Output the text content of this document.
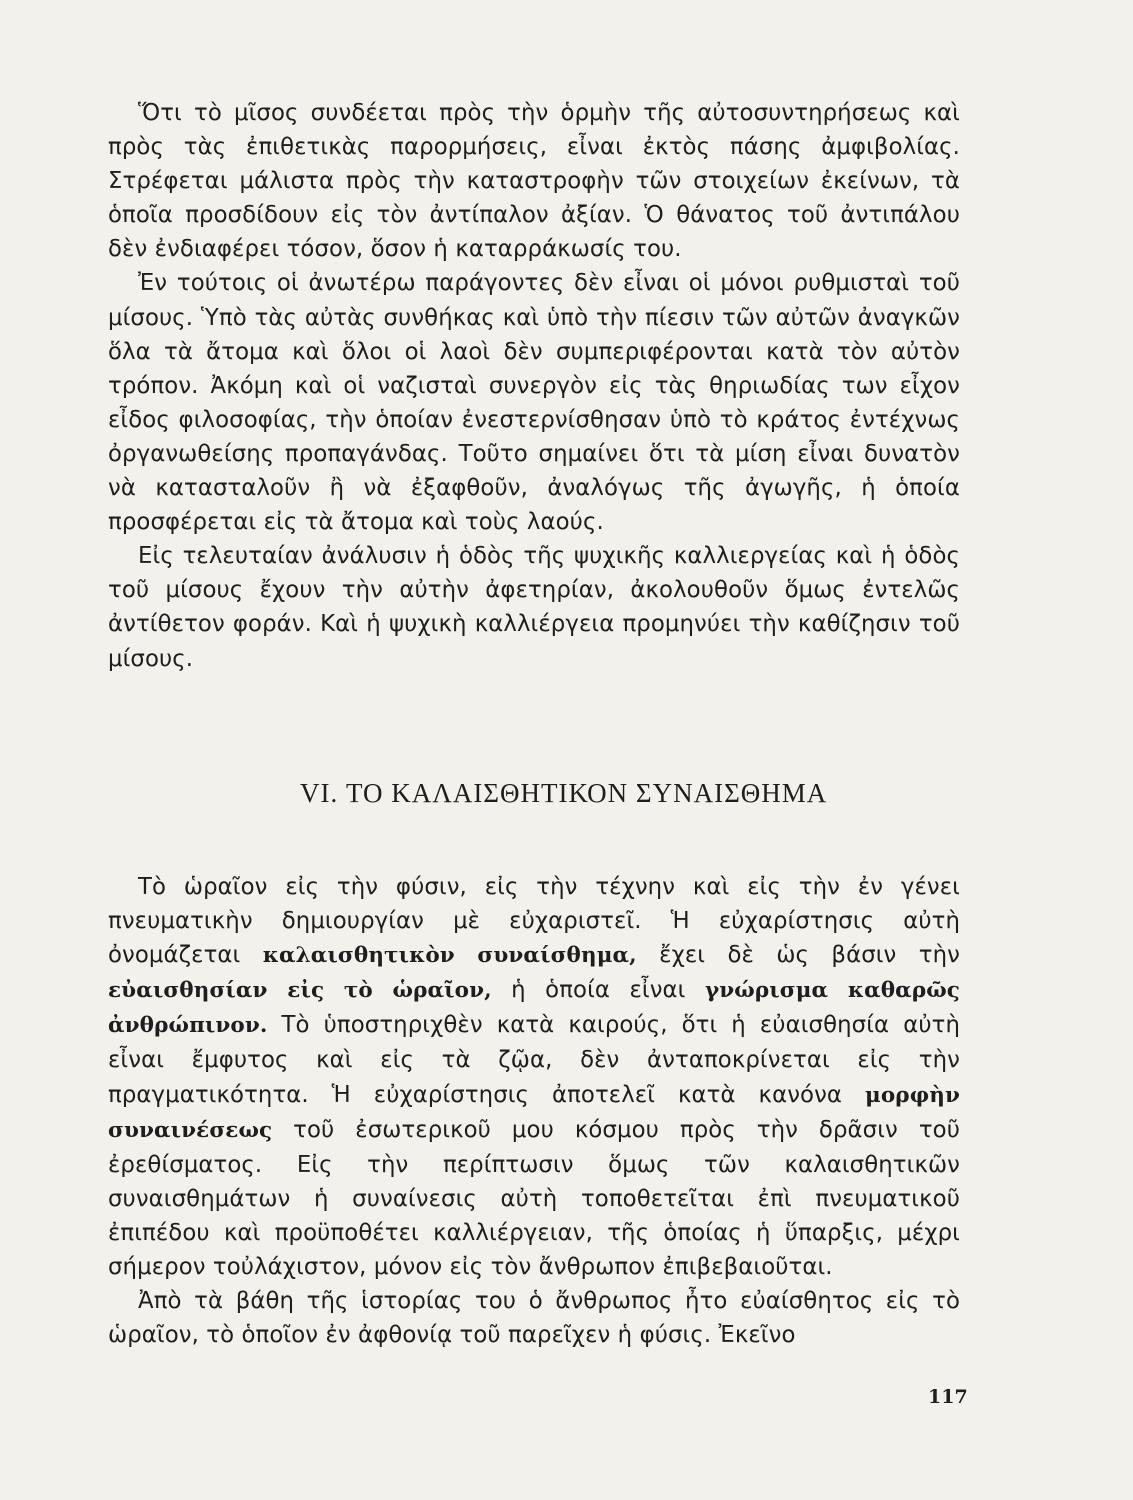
Ὅτι τὸ μῖσος συνδέεται πρὸς τὴν ὁρμὴν τῆς αὐτοσυντηρήσεως καὶ πρὸς τὰς ἐπιθετικὰς παρορμήσεις, εἶναι ἐκτὸς πάσης ἀμφιβολίας. Στρέφεται μάλιστα πρὸς τὴν καταστροφὴν τῶν στοιχείων ἐκείνων, τὰ ὁποῖα προσδίδουν εἰς τὸν ἀντίπαλον ἀξίαν. Ὁ θάνατος τοῦ ἀντιπάλου δὲν ἐνδιαφέρει τόσον, ὅσον ἡ καταρράκωσίς του.

Ἐν τούτοις οἱ ἀνωτέρω παράγοντες δὲν εἶναι οἱ μόνοι ρυθμισταὶ τοῦ μίσους. Ὑπὸ τὰς αὐτὰς συνθήκας καὶ ὑπὸ τὴν πίεσιν τῶν αὐτῶν ἀναγκῶν ὅλα τὰ ἄτομα καὶ ὅλοι οἱ λαοὶ δὲν συμπεριφέρονται κατὰ τὸν αὐτὸν τρόπον. Ἀκόμη καὶ οἱ ναζισταὶ συνεργὸν εἰς τὰς θηριωδίας των εἶχον εἶδος φιλοσοφίας, τὴν ὁποίαν ἐνεστερνίσθησαν ὑπὸ τὸ κράτος ἐντέχνως ὀργανωθείσης προπαγάνδας. Τοῦτο σημαίνει ὅτι τὰ μίση εἶναι δυνατὸν νὰ κατασταλοῦν ἢ νὰ ἐξαφθοῦν, ἀναλόγως τῆς ἀγωγῆς, ἡ ὁποία προσφέρεται εἰς τὰ ἄτομα καὶ τοὺς λαούς.

Εἰς τελευταίαν ἀνάλυσιν ἡ ὁδὸς τῆς ψυχικῆς καλλιεργείας καὶ ἡ ὁδὸς τοῦ μίσους ἔχουν τὴν αὐτὴν ἀφετηρίαν, ἀκολουθοῦν ὅμως ἐντελῶς ἀντίθετον φοράν. Καὶ ἡ ψυχικὴ καλλιέργεια προμηνύει τὴν καθίζησιν τοῦ μίσους.

VI. ΤΟ ΚΑΛΑΙΣΘΗΤΙΚΟΝ ΣΥΝΑΙΣΘΗΜΑ

Τὸ ὡραῖον εἰς τὴν φύσιν, εἰς τὴν τέχνην καὶ εἰς τὴν ἐν γένει πνευματικὴν δημιουργίαν μὲ εὐχαριστεῖ. Ἡ εὐχαρίστησις αὐτὴ ὀνομάζεται καλαισθητικὸν συναίσθημα, ἔχει δὲ ὡς βάσιν τὴν εὐαισθησίαν εἰς τὸ ὡραῖον, ἡ ὁποία εἶναι γνώρισμα καθαρῶς ἀνθρώπινον. Τὸ ὑποστηριχθὲν κατὰ καιρούς, ὅτι ἡ εὐαισθησία αὐτὴ εἶναι ἔμφυτος καὶ εἰς τὰ ζῷα, δὲν ἀνταποκρίνεται εἰς τὴν πραγματικότητα. Ἡ εὐχαρίστησις ἀποτελεῖ κατὰ κανόνα μορφὴν συναινέσεως τοῦ ἐσωτερικοῦ μου κόσμου πρὸς τὴν δρᾶσιν τοῦ ἐρεθίσματος. Εἰς τὴν περίπτωσιν ὅμως τῶν καλαισθητικῶν συναισθημάτων ἡ συναίνεσις αὐτὴ τοποθετεῖται ἐπὶ πνευματικοῦ ἐπιπέδου καὶ προϋποθέτει καλλιέργειαν, τῆς ὁποίας ἡ ὕπαρξις, μέχρι σήμερον τοὐλάχιστον, μόνον εἰς τὸν ἄνθρωπον ἐπιβεβαιοῦται.

Ἀπὸ τὰ βάθη τῆς ἱστορίας του ὁ ἄνθρωπος ἦτο εὐαίσθητος εἰς τὸ ὡραῖον, τὸ ὁποῖον ἐν ἀφθονίᾳ τοῦ παρεῖχεν ἡ φύσις. Ἐκεῖνο

117
